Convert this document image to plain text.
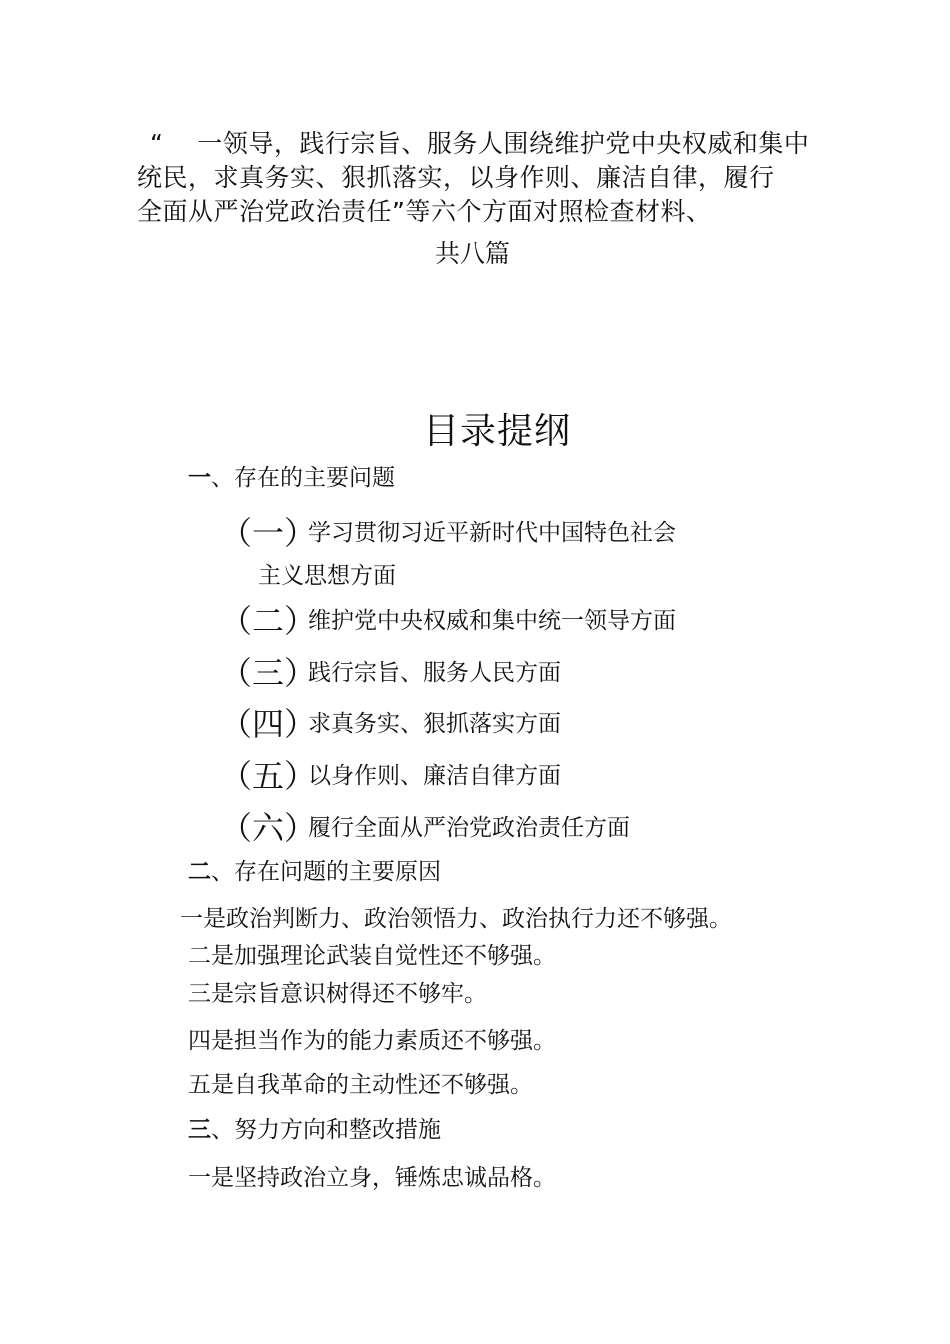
“　 一领导，践行宗旨、服务人围绕维护党中央权威和集中
统民，求真务实、狠抓落实，以身作则、廉洁自律，履行
全面从严治党政治责任”等六个方面对照检查材料、
共八篇
目录提纲
一、存在的主要问题
（一）
学习贯彻习近平新时代中国特色社会
主义思想方面
（二）
维护党中央权威和集中统一领导方面
（三）
践行宗旨、服务人民方面
（四）
求真务实、狠抓落实方面
（五）
以身作则、廉洁自律方面
（六）
履行全面从严治党政治责任方面
二、存在问题的主要原因
一是政治判断力、政治领悟力、政治执行力还不够强。
二是加强理论武装自觉性还不够强。
三是宗旨意识树得还不够牢。
四是担当作为的能力素质还不够强。
五是自我革命的主动性还不够强。
三、努力方向和整改措施
一是坚持政治立身，锤炼忠诚品格。
